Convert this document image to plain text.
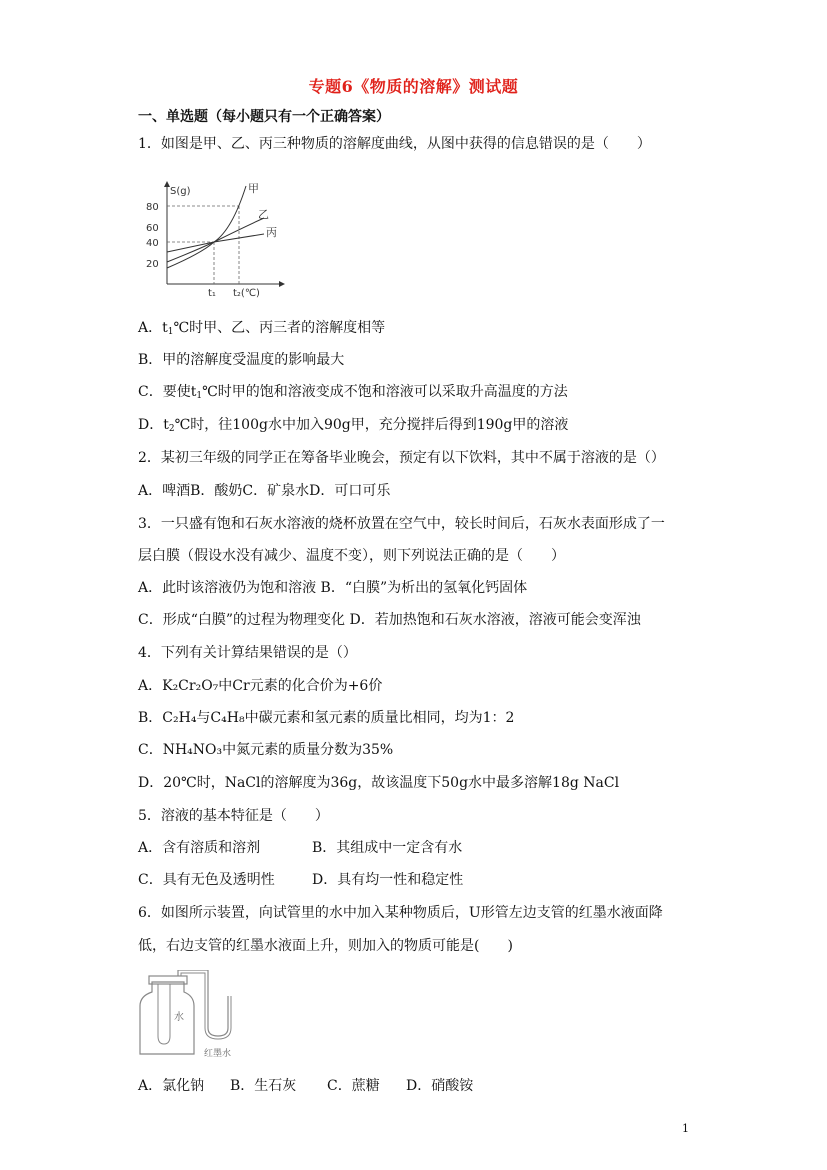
专题6《物质的溶解》测试题
一、单选题（每小题只有一个正确答案）
1．如图是甲、乙、丙三种物质的溶解度曲线，从图中获得的信息错误的是（　　）
S(g)
80
60
40
20
t₁ t₂(℃)
甲
乙
丙
A．$t_1℃$时甲、乙、丙三者的溶解度相等
B．甲的溶解度受温度的影响最大
C．要使$t_1℃$时甲的饱和溶液变成不饱和溶液可以采取升高温度的方法
D．$t_2℃$时，往100g水中加入90g甲，充分搅拌后得到190g甲的溶液
2．某初三年级的同学正在筹备毕业晚会，预定有以下饮料，其中不属于溶液的是（）
A．啤酒B．酸奶C．矿泉水D．可口可乐
3．一只盛有饱和石灰水溶液的烧杯放置在空气中，较长时间后，石灰水表面形成了一
层白膜（假设水没有减少、温度不变），则下列说法正确的是（　　）
A．此时该溶液仍为饱和溶液 B．“白膜”为析出的氢氧化钙固体
C．形成“白膜”的过程为物理变化 D．若加热饱和石灰水溶液，溶液可能会变浑浊
4．下列有关计算结果错误的是（）
A．K₂Cr₂O₇中Cr元素的化合价为+6价
B．C₂H₄与C₄H₈中碳元素和氢元素的质量比相同，均为1：2
C．NH₄NO₃中氮元素的质量分数为35%
D．20℃时，NaCl的溶解度为36g，故该温度下50g水中最多溶解18g NaCl
5．溶液的基本特征是（　　）
A．含有溶质和溶剂	B．其组成中一定含有水
C．具有无色及透明性	D．具有均一性和稳定性
6．如图所示装置，向试管里的水中加入某种物质后，U形管左边支管的红墨水液面降
低，右边支管的红墨水液面上升，则加入的物质可能是(　　)
水
红墨水
A．氯化钠 B．生石灰 C．蔗糖 D．硝酸铵
1
